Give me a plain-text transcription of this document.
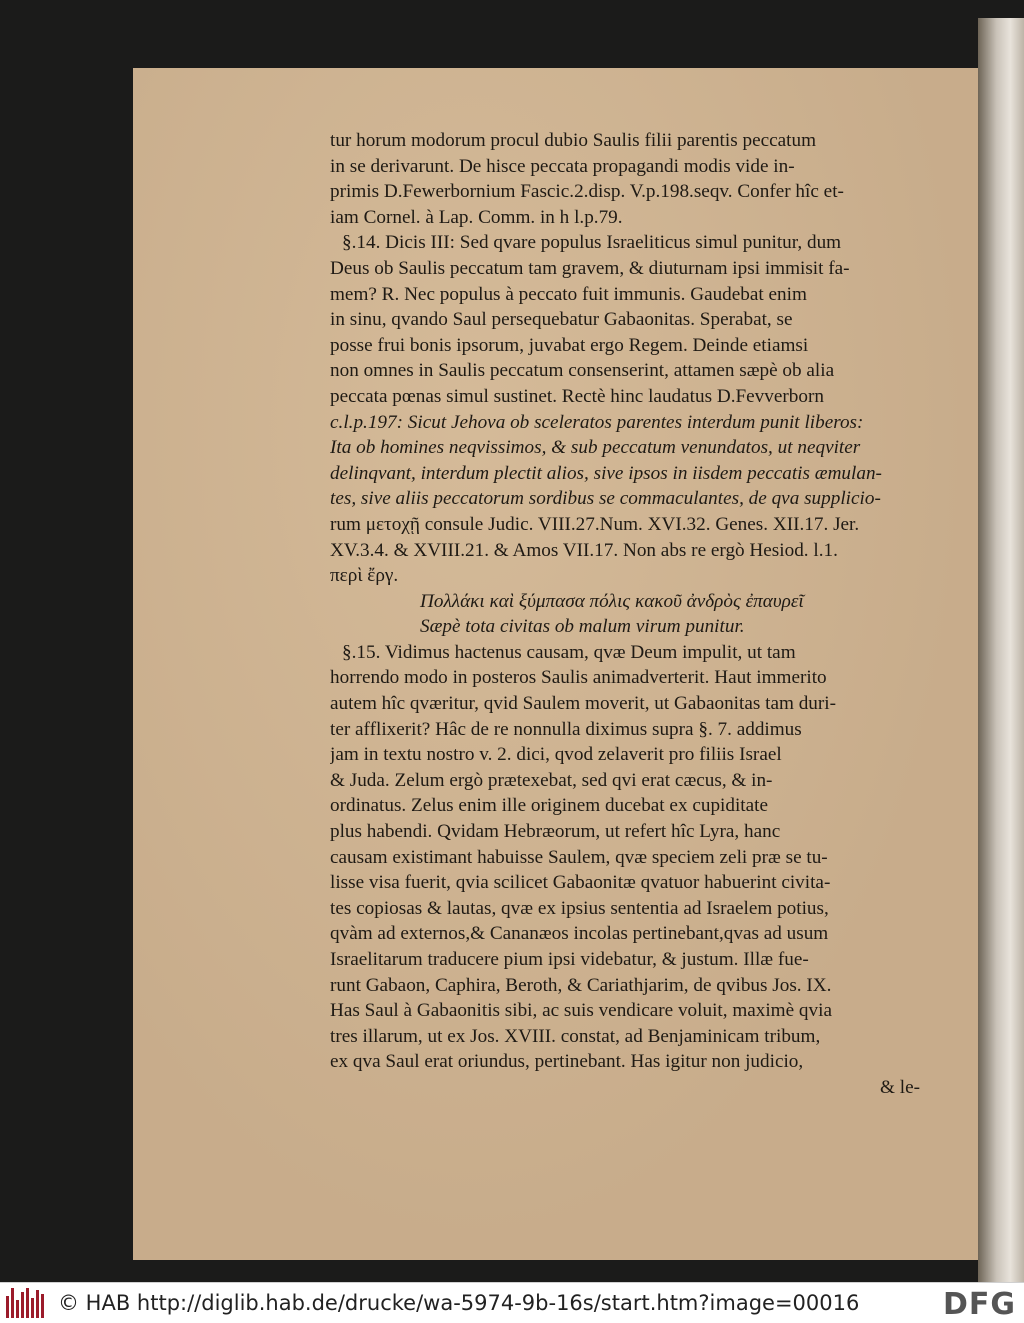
tur horum modorum procul dubio Saulis filii parentis peccatum
in se derivarunt. De hisce peccata propagandi modis vide in-
primis D.Fewerbornium Fascic.2.disp. V.p.198.seqv. Confer hîc et-
iam Cornel. à Lap. Comm. in h l.p.79.
§.14. Dicis III: Sed qvare populus Israeliticus simul punitur, dum
Deus ob Saulis peccatum tam gravem, & diuturnam ipsi immisit fa-
mem? R. Nec populus à peccato fuit immunis. Gaudebat enim
in sinu, qvando Saul persequebatur Gabaonitas. Sperabat, se
posse frui bonis ipsorum, juvabat ergo Regem. Deinde etiamsi
non omnes in Saulis peccatum consenserint, attamen sæpè ob alia
peccata pœnas simul sustinet. Rectè hinc laudatus D.Fevverborn
c.l.p.197: Sicut Jehova ob sceleratos parentes interdum punit liberos:
Ita ob homines neqvissimos, & sub peccatum venundatos, ut neqviter
delinqvant, interdum plectit alios, sive ipsos in iisdem peccatis æmulan-
tes, sive aliis peccatorum sordibus se commaculantes, de qva supplicio-
rum μετοχῇ consule Judic. VIII.27.Num. XVI.32. Genes. XII.17. Jer.
XV.3.4. & XVIII.21. & Amos VII.17. Non abs re ergò Hesiod. l.1.
περὶ ἔργ.
Πολλάκι καὶ ξύμπασα πόλις κακοῦ ἀνδρὸς ἐπαυρεῖ
Sæpè tota civitas ob malum virum punitur.
§.15. Vidimus hactenus causam, qvæ Deum impulit, ut tam
horrendo modo in posteros Saulis animadverterit. Haut immerito
autem hîc qværitur, qvid Saulem moverit, ut Gabaonitas tam duri-
ter afflixerit? Hâc de re nonnulla diximus supra §. 7. addimus
jam in textu nostro v. 2. dici, qvod zelaverit pro filiis Israel
& Juda. Zelum ergò prætexebat, sed qvi erat cæcus, & in-
ordinatus. Zelus enim ille originem ducebat ex cupiditate
plus habendi. Qvidam Hebræorum, ut refert hîc Lyra, hanc
causam existimant habuisse Saulem, qvæ speciem zeli præ se tu-
lisse visa fuerit, qvia scilicet Gabaonitæ qvatuor habuerint civita-
tes copiosas & lautas, qvæ ex ipsius sententia ad Israelem potius,
qvàm ad externos,& Cananæos incolas pertinebant,qvas ad usum
Israelitarum traducere pium ipsi videbatur, & justum. Illæ fue-
runt Gabaon, Caphira, Beroth, & Cariathjarim, de qvibus Jos. IX.
Has Saul à Gabaonitis sibi, ac suis vendicare voluit, maximè qvia
tres illarum, ut ex Jos. XVIII. constat, ad Benjaminicam tribum,
ex qva Saul erat oriundus, pertinebant. Has igitur non judicio,
& le-
© HAB http://diglib.hab.de/drucke/wa-5974-9b-16s/start.htm?image=00016	DFG
